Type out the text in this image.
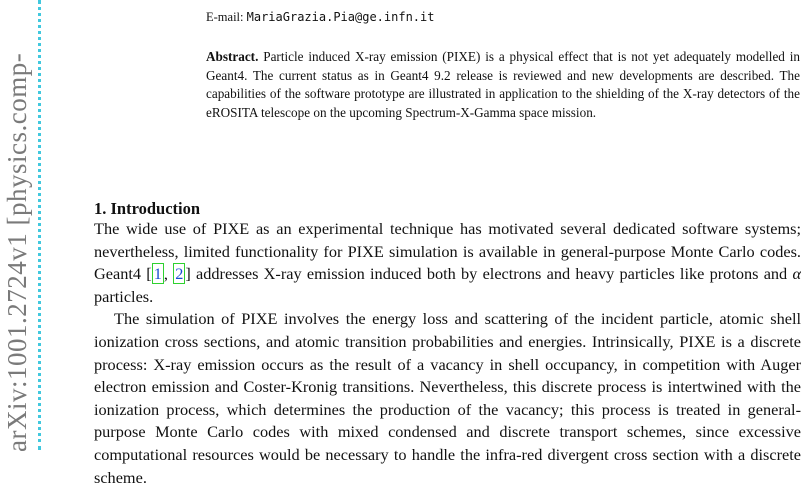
arXiv:1001.2724v1 [physics.comp-
E-mail: MariaGrazia.Pia@ge.infn.it
Abstract. Particle induced X-ray emission (PIXE) is a physical effect that is not yet adequately modelled in Geant4. The current status as in Geant4 9.2 release is reviewed and new developments are described. The capabilities of the software prototype are illustrated in application to the shielding of the X-ray detectors of the eROSITA telescope on the upcoming Spectrum-X-Gamma space mission.
1. Introduction

The wide use of PIXE as an experimental technique has motivated several dedicated software systems; nevertheless, limited functionality for PIXE simulation is available in general-purpose Monte Carlo codes. Geant4 [ 1 , 2 ] addresses X-ray emission induced both by electrons and heavy particles like protons and α particles.

The simulation of PIXE involves the energy loss and scattering of the incident particle, atomic shell ionization cross sections, and atomic transition probabilities and energies. Intrinsically, PIXE is a discrete process: X-ray emission occurs as the result of a vacancy in shell occupancy, in competition with Auger electron emission and Coster-Kronig transitions. Nevertheless, this discrete process is intertwined with the ionization process, which determines the production of the vacancy; this process is treated in general-purpose Monte Carlo codes with mixed condensed and discrete transport schemes, since excessive computational resources would be necessary to handle the infra-red divergent cross section with a discrete scheme.
